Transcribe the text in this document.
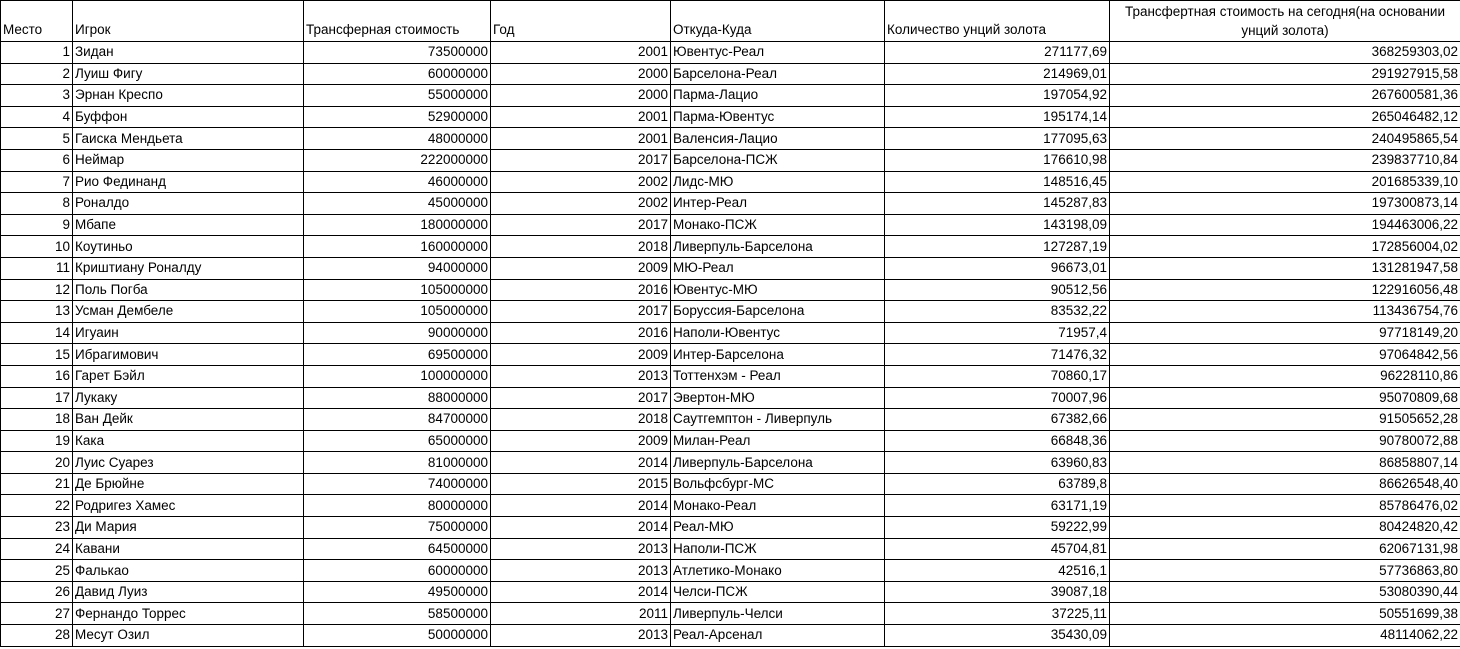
Место	Игрок	Трансферная стоимость	Год	Откуда-Куда	Количество унций золота	Трансфертная стоимость на сегодня(на основании унций золота)
1	Зидан	73500000	2001	Ювентус-Реал	271177,69	368259303,02
2	Луиш Фигу	60000000	2000	Барселона-Реал	214969,01	291927915,58
3	Эрнан Креспо	55000000	2000	Парма-Лацио	197054,92	267600581,36
4	Буффон	52900000	2001	Парма-Ювентус	195174,14	265046482,12
5	Гаиска Мендьета	48000000	2001	Валенсия-Лацио	177095,63	240495865,54
6	Неймар	222000000	2017	Барселона-ПСЖ	176610,98	239837710,84
7	Рио Фединанд	46000000	2002	Лидс-МЮ	148516,45	201685339,10
8	Роналдо	45000000	2002	Интер-Реал	145287,83	197300873,14
9	Мбапе	180000000	2017	Монако-ПСЖ	143198,09	194463006,22
10	Коутиньо	160000000	2018	Ливерпуль-Барселона	127287,19	172856004,02
11	Криштиану Роналду	94000000	2009	МЮ-Реал	96673,01	131281947,58
12	Поль Погба	105000000	2016	Ювентус-МЮ	90512,56	122916056,48
13	Усман Дембеле	105000000	2017	Боруссия-Барселона	83532,22	113436754,76
14	Игуаин	90000000	2016	Наполи-Ювентус	71957,4	97718149,20
15	Ибрагимович	69500000	2009	Интер-Барселона	71476,32	97064842,56
16	Гарет Бэйл	100000000	2013	Тоттенхэм - Реал	70860,17	96228110,86
17	Лукаку	88000000	2017	Эвертон-МЮ	70007,96	95070809,68
18	Ван Дейк	84700000	2018	Саутгемптон - Ливерпуль	67382,66	91505652,28
19	Кака	65000000	2009	Милан-Реал	66848,36	90780072,88
20	Луис Суарез	81000000	2014	Ливерпуль-Барселона	63960,83	86858807,14
21	Де Брюйне	74000000	2015	Вольфсбург-МС	63789,8	86626548,40
22	Родригез Хамес	80000000	2014	Монако-Реал	63171,19	85786476,02
23	Ди Мария	75000000	2014	Реал-МЮ	59222,99	80424820,42
24	Кавани	64500000	2013	Наполи-ПСЖ	45704,81	62067131,98
25	Фалькао	60000000	2013	Атлетико-Монако	42516,1	57736863,80
26	Давид Луиз	49500000	2014	Челси-ПСЖ	39087,18	53080390,44
27	Фернандо Торрес	58500000	2011	Ливерпуль-Челси	37225,11	50551699,38
28	Месут Озил	50000000	2013	Реал-Арсенал	35430,09	48114062,22
